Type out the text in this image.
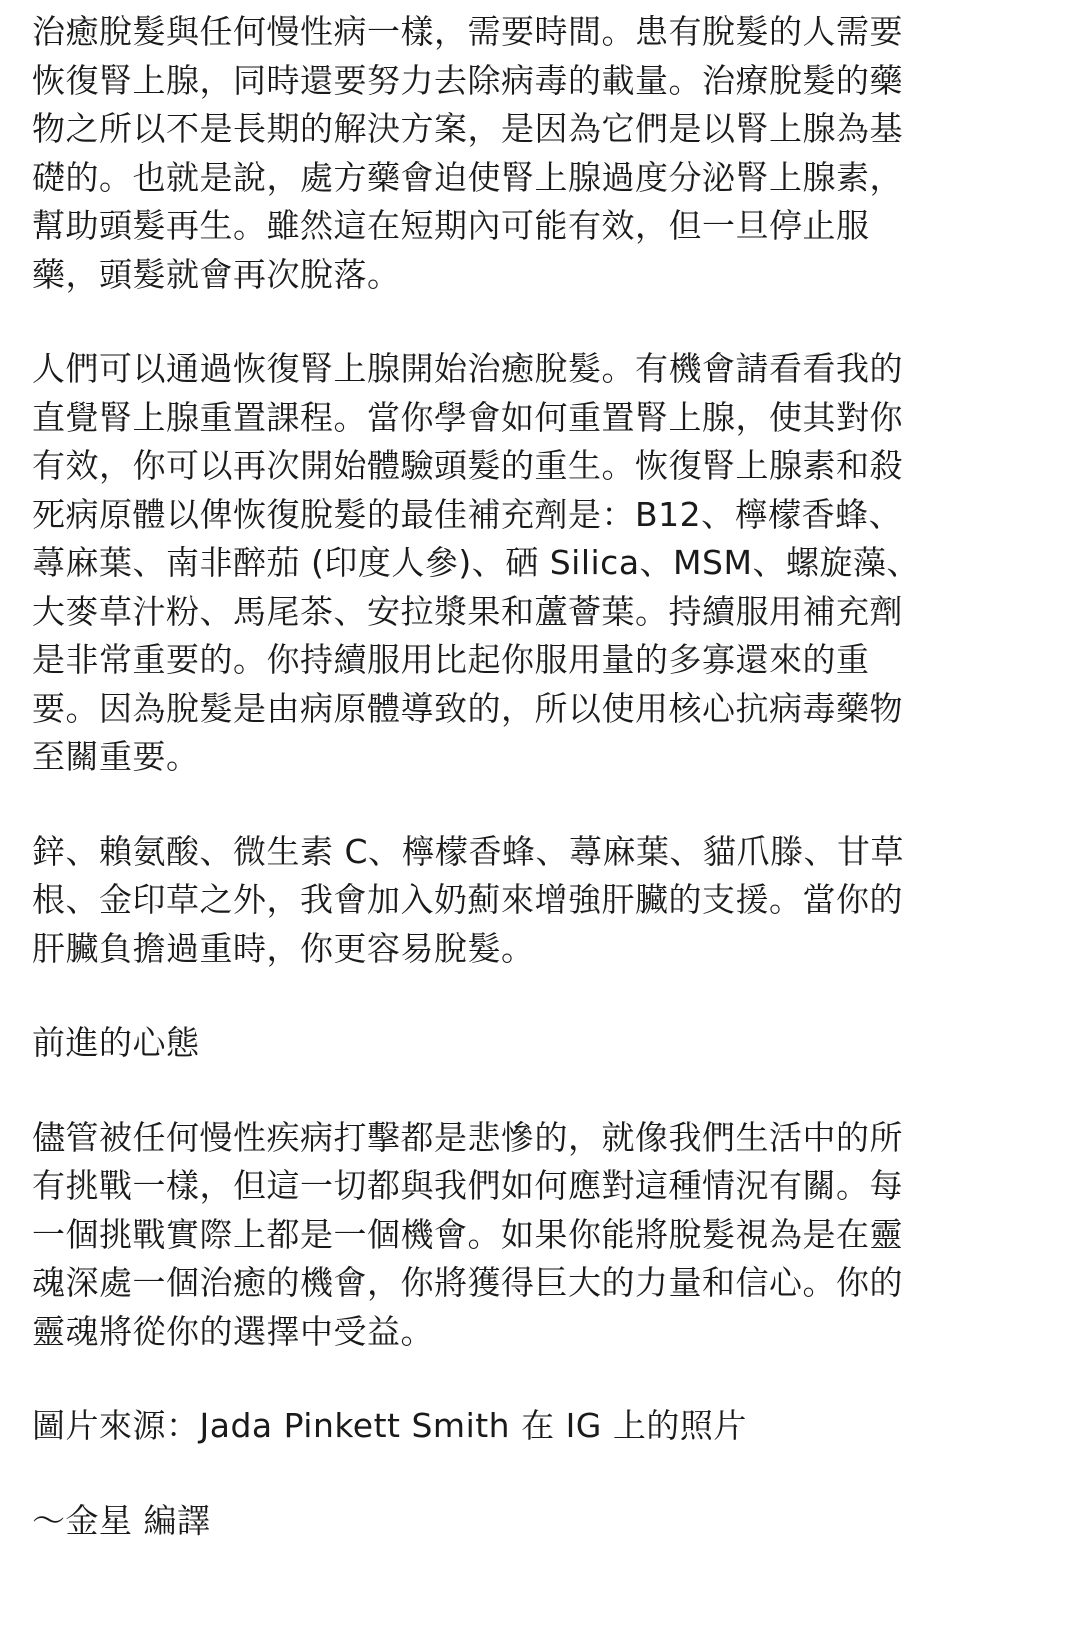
治癒脫髮與任何慢性病一樣，需要時間。患有脫髮的人需要
恢復腎上腺，同時還要努力去除病毒的載量。治療脫髮的藥
物之所以不是長期的解決方案，是因為它們是以腎上腺為基
礎的。也就是說，處方藥會迫使腎上腺過度分泌腎上腺素，
幫助頭髮再生。雖然這在短期內可能有效，但一旦停止服
藥，頭髮就會再次脫落。
人們可以通過恢復腎上腺開始治癒脫髮。有機會請看看我的
直覺腎上腺重置課程。當你學會如何重置腎上腺，使其對你
有效，你可以再次開始體驗頭髮的重生。恢復腎上腺素和殺
死病原體以俾恢復脫髮的最佳補充劑是：B12、檸檬香蜂、
蕁麻葉、南非醉茄 (印度人參)、硒 Silica、MSM、螺旋藻、
大麥草汁粉、馬尾茶、安拉漿果和蘆薈葉。持續服用補充劑
是非常重要的。你持續服用比起你服用量的多寡還來的重
要。因為脫髮是由病原體導致的，所以使用核心抗病毒藥物
至關重要。
鋅、賴氨酸、微生素 C、檸檬香蜂、蕁麻葉、貓爪滕、甘草
根、金印草之外，我會加入奶薊來增強肝臟的支援。當你的
肝臟負擔過重時，你更容易脫髮。
前進的心態
儘管被任何慢性疾病打擊都是悲慘的，就像我們生活中的所
有挑戰一樣，但這一切都與我們如何應對這種情況有關。每
一個挑戰實際上都是一個機會。如果你能將脫髮視為是在靈
魂深處一個治癒的機會，你將獲得巨大的力量和信心。你的
靈魂將從你的選擇中受益。
圖片來源：Jada Pinkett Smith 在 IG 上的照片
～金星 編譯
